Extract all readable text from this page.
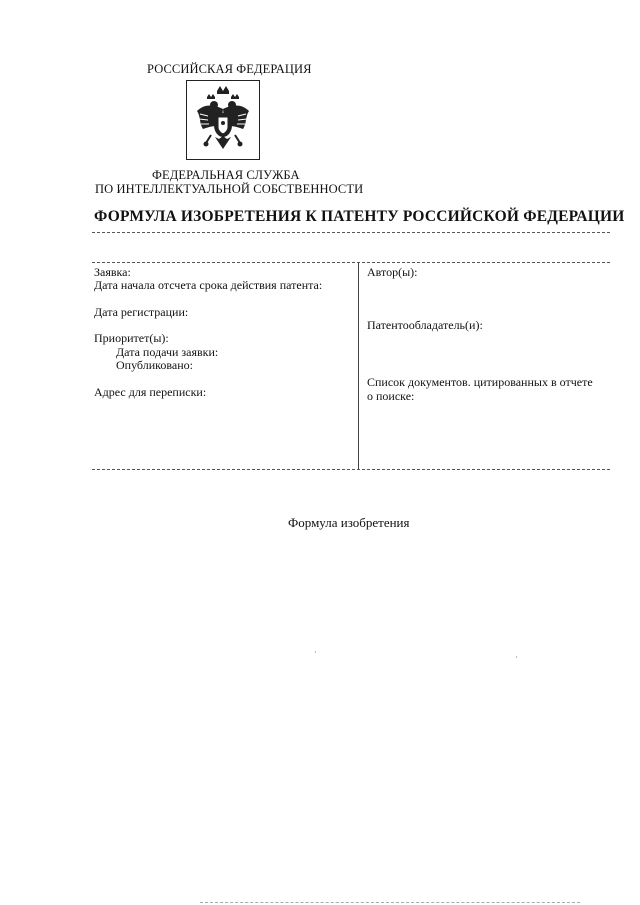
РОССИЙСКАЯ ФЕДЕРАЦИЯ
ФЕДЕРАЛЬНАЯ СЛУЖБА
ПО ИНТЕЛЛЕКТУАЛЬНОЙ СОБСТВЕННОСТИ
ФОРМУЛА ИЗОБРЕТЕНИЯ К ПАТЕНТУ РОССИЙСКОЙ ФЕДЕРАЦИИ
Заявка:
Дата начала отсчета срока действия патента:
Дата регистрации:
Приоритет(ы):
Дата подачи заявки:
Опубликовано:
Адрес для переписки:
Автор(ы):
Патентообладатель(и):
Список документов. цитированных в отчете
о поиске:
Формула изобретения
